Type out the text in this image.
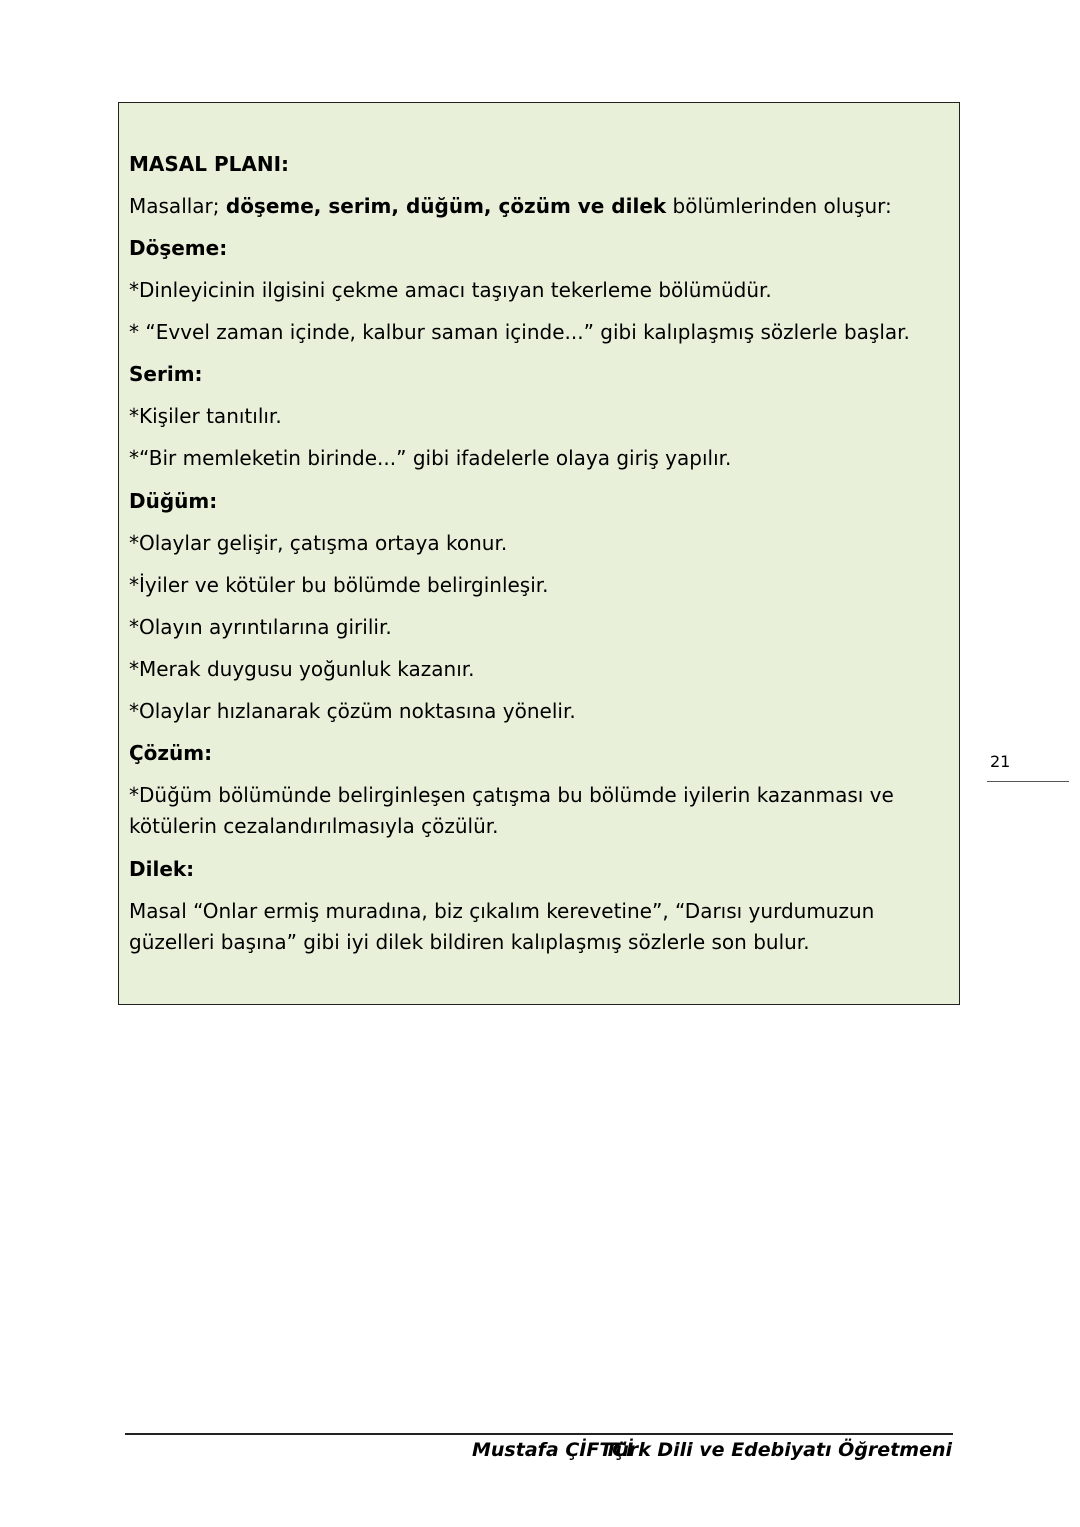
MASAL PLANI:
Masallar; döşeme, serim, düğüm, çözüm ve dilek bölümlerinden oluşur:
Döşeme:
*Dinleyicinin ilgisini çekme amacı taşıyan tekerleme bölümüdür.
* “Evvel zaman içinde, kalbur saman içinde...” gibi kalıplaşmış sözlerle başlar.
Serim:
*Kişiler tanıtılır.
*“Bir memleketin birinde...” gibi ifadelerle olaya giriş yapılır.
Düğüm:
*Olaylar gelişir, çatışma ortaya konur.
*İyiler ve kötüler bu bölümde belirginleşir.
*Olayın ayrıntılarına girilir.
*Merak duygusu yoğunluk kazanır.
*Olaylar hızlanarak çözüm noktasına yönelir.
Çözüm:
*Düğüm bölümünde belirginleşen çatışma bu bölümde iyilerin kazanması ve kötülerin cezalandırılmasıyla çözülür.
Dilek:
Masal “Onlar ermiş muradına, biz çıkalım kerevetine”, “Darısı yurdumuzun güzelleri başına” gibi iyi dilek bildiren kalıplaşmış sözlerle son bulur.
21
Mustafa ÇİFTÇİ
Türk Dili ve Edebiyatı Öğretmeni
